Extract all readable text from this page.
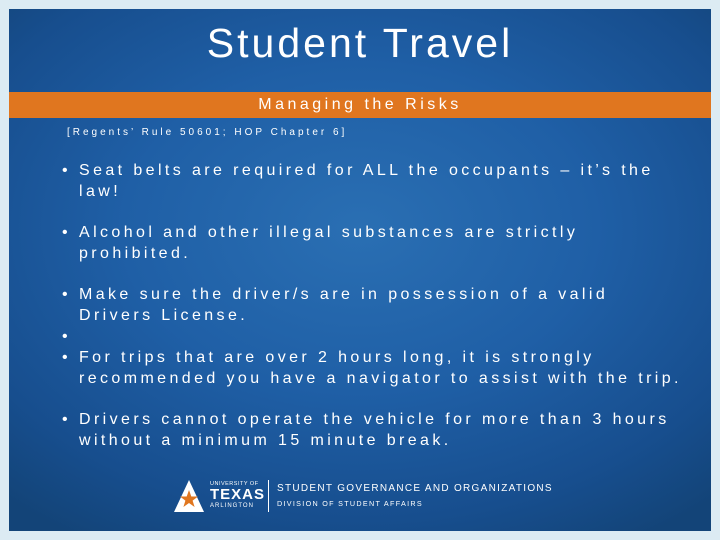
Student Travel
Managing the Risks
[Regents’ Rule 50601; HOP Chapter 6]
• Seat belts are required for ALL the occupants – it’s the law!
• Alcohol and other illegal substances are strictly prohibited.
• Make sure the driver/s are in possession of a valid Drivers License.
•
• For trips that are over 2 hours long, it is strongly recommended you have a navigator to assist with the trip.
• Drivers cannot operate the vehicle for more than 3 hours without a minimum 15 minute break.
UNIVERSITY OF
TEXAS
ARLINGTON
STUDENT GOVERNANCE AND ORGANIZATIONS
DIVISION OF STUDENT AFFAIRS
